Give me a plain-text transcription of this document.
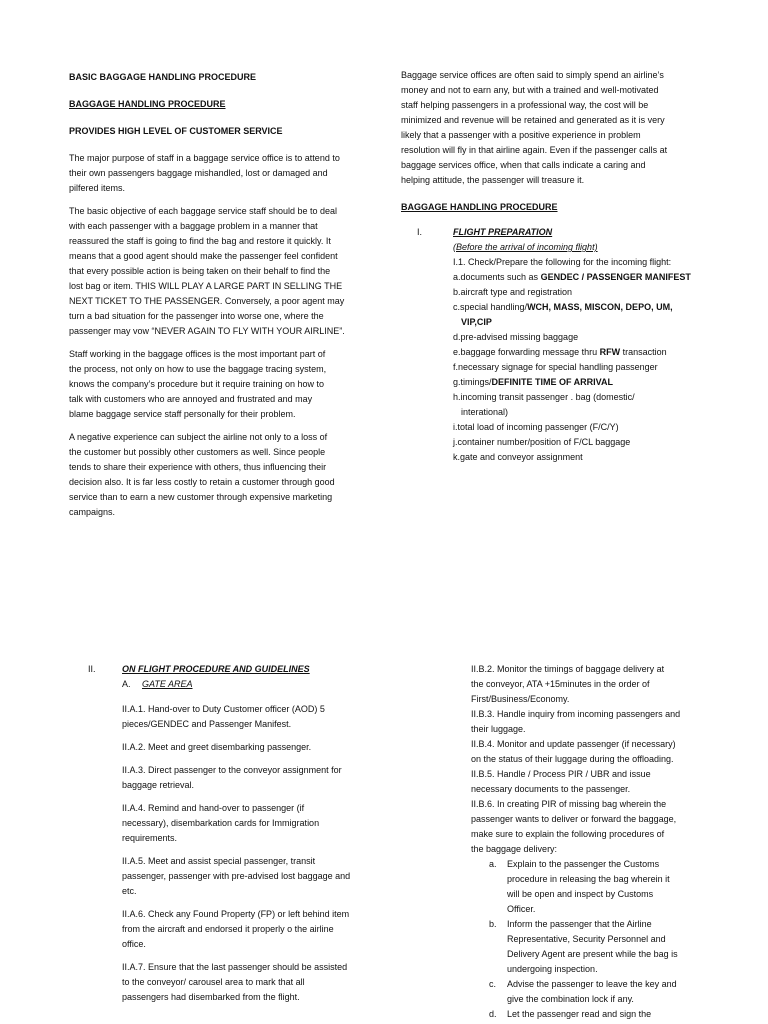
BASIC BAGGAGE HANDLING PROCEDURE
BAGGAGE HANDLING PROCEDURE
PROVIDES HIGH LEVEL OF CUSTOMER SERVICE

The major purpose of staff in a baggage service office is to attend to
their own passengers baggage mishandled, lost or damaged and
pilfered items.

The basic objective of each baggage service staff should be to deal
with each passenger with a baggage problem in a manner that
reassured the staff is going to find the bag and restore it quickly. It
means that a good agent should make the passenger feel confident
that every possible action is being taken on their behalf to find the
lost bag or item. THIS WILL PLAY A LARGE PART IN SELLING THE
NEXT TICKET TO THE PASSENGER. Conversely, a poor agent may
turn a bad situation for the passenger into worse one, where the
passenger may vow “NEVER AGAIN TO FLY WITH YOUR AIRLINE”.

Staff working in the baggage offices is the most important part of
the process, not only on how to use the baggage tracing system,
knows the company’s procedure but it require training on how to
talk with customers who are annoyed and frustrated and may
blame baggage service staff personally for their problem.

A negative experience can subject the airline not only to a loss of
the customer but possibly other customers as well. Since people
tends to share their experience with others, thus influencing their
decision also. It is far less costly to retain a customer through good
service than to earn a new customer through expensive marketing
campaigns.

Baggage service offices are often said to simply spend an airline’s
money and not to earn any, but with a trained and well-motivated
staff helping passengers in a professional way, the cost will be
minimized and revenue will be retained and generated as it is very
likely that a passenger with a positive experience in problem
resolution will fly in that airline again. Even if the passenger calls at
baggage services office, when that calls indicate a caring and
helping attitude, the passenger will treasure it.

BAGGAGE HANDLING PROCEDURE
I.	FLIGHT PREPARATION
(Before the arrival of incoming flight)
I.1. Check/Prepare the following for the incoming flight:
a.documents such as GENDEC / PASSENGER MANIFEST
b.aircraft type and registration
c.special handling/WCH, MASS, MISCON, DEPO, UM,
VIP,CIP
d.pre-advised missing baggage
e.baggage forwarding message thru RFW transaction
f.necessary signage for special handling passenger
g.timings/DEFINITE TIME OF ARRIVAL
h.incoming transit passenger . bag (domestic/
interational)
i.total load of incoming passenger (F/C/Y)
j.container number/position of F/CL baggage
k.gate and conveyor assignment
II.	ON FLIGHT PROCEDURE AND GUIDELINES
A. GATE AREA

II.A.1. Hand-over to Duty Customer officer (AOD) 5
pieces/GENDEC and Passenger Manifest.

II.A.2. Meet and greet disembarking passenger.

II.A.3. Direct passenger to the conveyor assignment for
baggage retrieval.

II.A.4. Remind and hand-over to passenger (if
necessary), disembarkation cards for Immigration
requirements.

II.A.5. Meet and assist special passenger, transit
passenger, passenger with pre-advised lost baggage and
etc.

II.A.6. Check any Found Property (FP) or left behind item
from the aircraft and endorsed it properly o the airline
office.

II.A.7. Ensure that the last passenger should be assisted
to the conveyor/ carousel area to mark that all
passengers had disembarked from the flight.

II.B.2. Monitor the timings of baggage delivery at
the conveyor, ATA +15minutes in the order of
First/Business/Economy.
II.B.3. Handle inquiry from incoming passengers and
their luggage.
II.B.4. Monitor and update passenger (if necessary)
on the status of their luggage during the offloading.
II.B.5. Handle / Process PIR / UBR and issue
necessary documents to the passenger.
II.B.6. In creating PIR of missing bag wherein the
passenger wants to deliver or forward the baggage,
make sure to explain the following procedures of
the baggage delivery:
a.	Explain to the passenger the Customs
procedure in releasing the bag wherein it
will be open and inspect by Customs
Officer.
b.	Inform the passenger that the Airline
Representative, Security Personnel and
Delivery Agent are present while the bag is
undergoing inspection.
c.	Advise the passenger to leave the key and
give the combination lock if any.
d.	Let the passenger read and sign the
